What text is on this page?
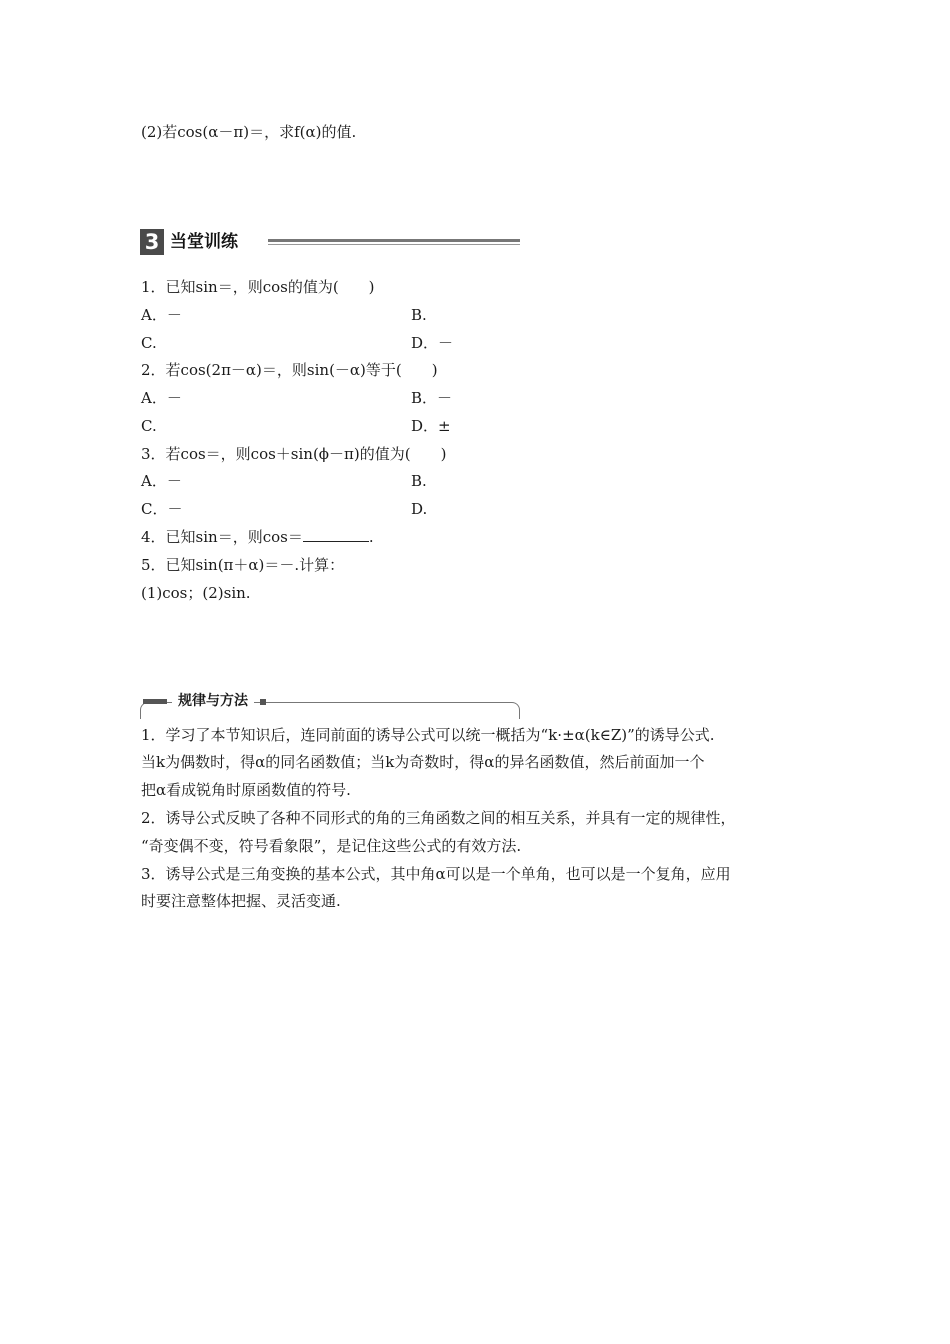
(2)若cos(α－π)＝，求f(α)的值.
3 当堂训练
1．已知sin＝，则cos的值为(　　)
A．－	B.
C.	D．－
2．若cos(2π－α)＝，则sin(－α)等于(　　)
A．－	B．－
C.	D．±
3．若cos＝，则cos＋sin(ϕ－π)的值为(　　)
A．－	B.
C．－	D.
4．已知sin＝，则cos＝	.
5．已知sin(π＋α)＝－.计算：
(1)cos；(2)sin.
规律与方法
1．学习了本节知识后，连同前面的诱导公式可以统一概括为“k·±α(k∈Z)”的诱导公式.
当k为偶数时，得α的同名函数值；当k为奇数时，得α的异名函数值，然后前面加一个
把α看成锐角时原函数值的符号.
2．诱导公式反映了各种不同形式的角的三角函数之间的相互关系，并具有一定的规律性，
“奇变偶不变，符号看象限”，是记住这些公式的有效方法.
3．诱导公式是三角变换的基本公式，其中角α可以是一个单角，也可以是一个复角，应用
时要注意整体把握、灵活变通.
